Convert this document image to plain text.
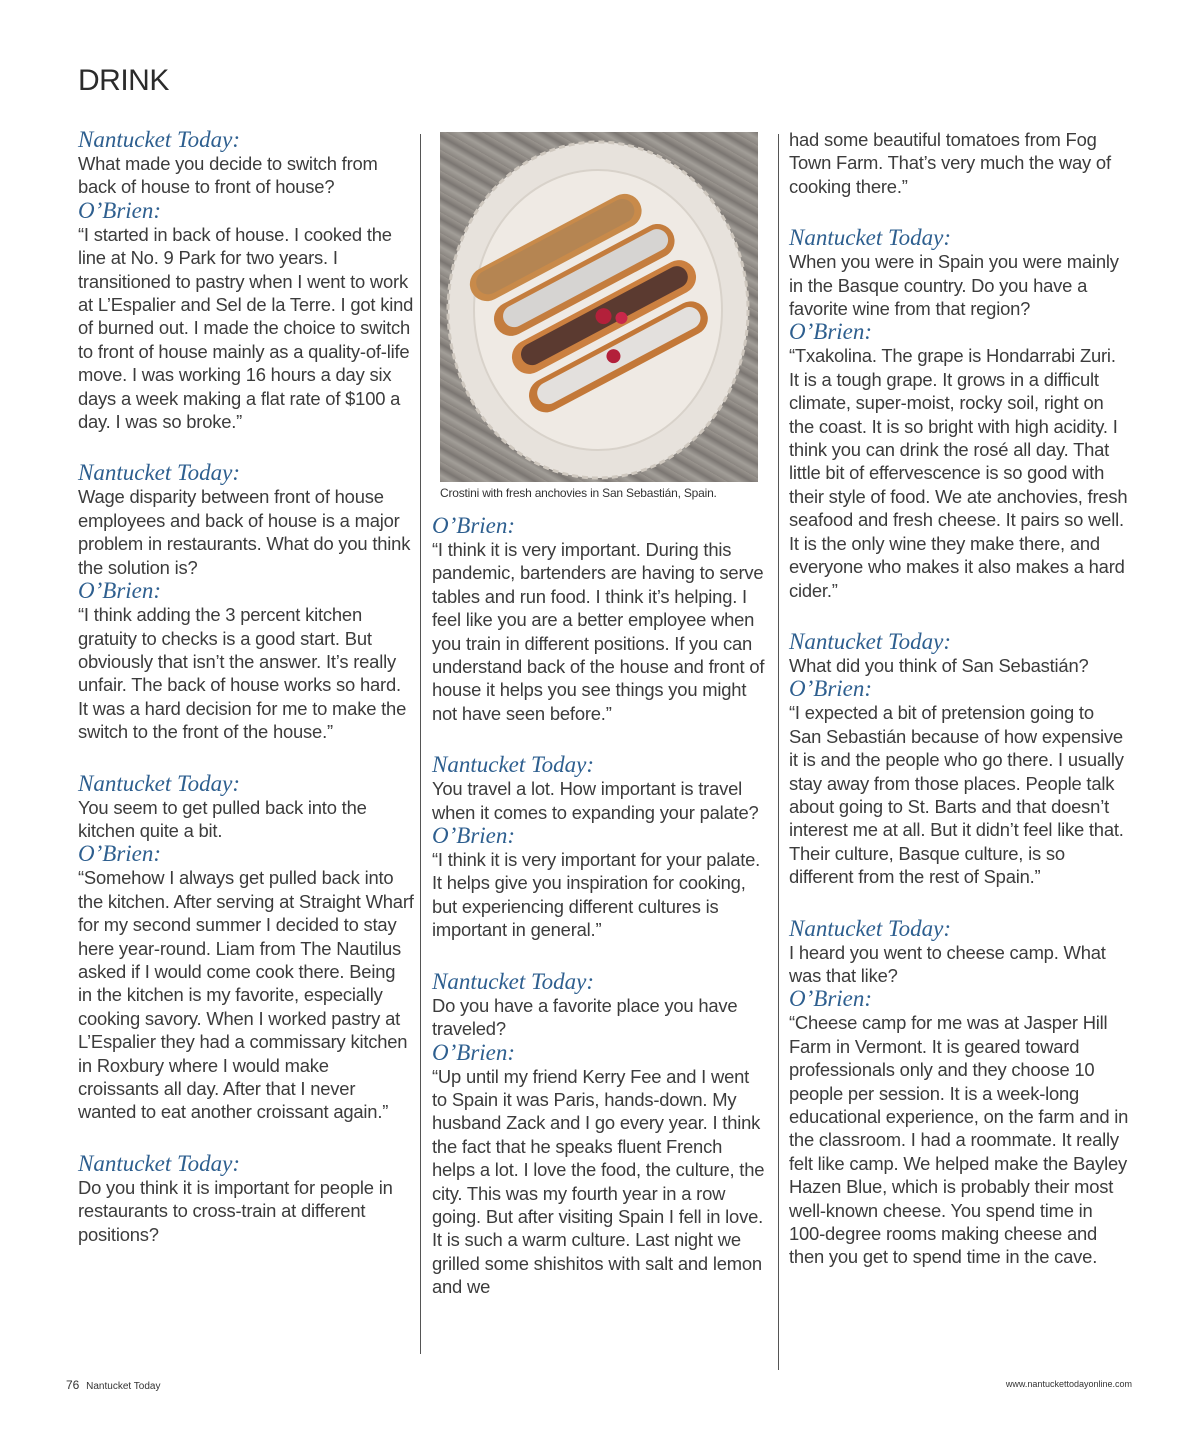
DRINK

Nantucket Today:

What made you decide to switch from back of house to front of house?

O’Brien:

“I started in back of house. I cooked the line at No. 9 Park for two years. I transitioned to pastry when I went to work at L’Espalier and Sel de la Terre. I got kind of burned out. I made the choice to switch to front of house mainly as a quality-of-life move. I was working 16 hours a day six days a week making a flat rate of $100 a day. I was so broke.”

Nantucket Today:

Wage disparity between front of house employees and back of house is a major problem in restaurants. What do you think the solution is?

O’Brien:

“I think adding the 3 percent kitchen gratuity to checks is a good start. But obviously that isn’t the answer. It’s really unfair. The back of house works so hard. It was a hard decision for me to make the switch to the front of the house.”

Nantucket Today:

You seem to get pulled back into the kitchen quite a bit.

O’Brien:

“Somehow I always get pulled back into the kitchen. After serving at Straight Wharf for my second summer I decided to stay here year-round. Liam from The Nautilus asked if I would come cook there. Being in the kitchen is my favorite, especially cooking savory. When I worked pastry at L’Espalier they had a commissary kitchen in Roxbury where I would make croissants all day. After that I never wanted to eat another croissant again.”

Nantucket Today:

Do you think it is important for people in restaurants to cross-train at different positions?

Crostini with fresh anchovies in San Sebastián, Spain.

O’Brien:

“I think it is very important. During this pandemic, bartenders are having to serve tables and run food. I think it’s helping. I feel like you are a better employee when you train in different positions. If you can understand back of the house and front of house it helps you see things you might not have seen before.”

Nantucket Today:

You travel a lot. How important is travel when it comes to expanding your palate?

O’Brien:

“I think it is very important for your palate. It helps give you inspiration for cooking, but experiencing different cultures is important in general.”

Nantucket Today:

Do you have a favorite place you have traveled?

O’Brien:

“Up until my friend Kerry Fee and I went to Spain it was Paris, hands-down. My husband Zack and I go every year. I think the fact that he speaks fluent French helps a lot. I love the food, the culture, the city. This was my fourth year in a row going. But after visiting Spain I fell in love. It is such a warm culture. Last night we grilled some shishitos with salt and lemon and we

had some beautiful tomatoes from Fog Town Farm. That’s very much the way of cooking there.”

Nantucket Today:

When you were in Spain you were mainly in the Basque country. Do you have a favorite wine from that region?

O’Brien:

“Txakolina. The grape is Hondarrabi Zuri. It is a tough grape. It grows in a difficult climate, super-moist, rocky soil, right on the coast. It is so bright with high acidity. I think you can drink the rosé all day. That little bit of effervescence is so good with their style of food. We ate anchovies, fresh seafood and fresh cheese. It pairs so well. It is the only wine they make there, and everyone who makes it also makes a hard cider.”

Nantucket Today:

What did you think of San Sebastián?

O’Brien:

“I expected a bit of pretension going to San Sebastián because of how expensive it is and the people who go there. I usually stay away from those places. People talk about going to St. Barts and that doesn’t interest me at all. But it didn’t feel like that. Their culture, Basque culture, is so different from the rest of Spain.”

Nantucket Today:

I heard you went to cheese camp. What was that like?

O’Brien:

“Cheese camp for me was at Jasper Hill Farm in Vermont. It is geared toward professionals only and they choose 10 people per session. It is a week-long educational experience, on the farm and in the classroom. I had a roommate. It really felt like camp. We helped make the Bayley Hazen Blue, which is probably their most well-known cheese. You spend time in 100-degree rooms making cheese and then you get to spend time in the cave.

76 Nantucket Today	www.nantuckettodayonline.com
